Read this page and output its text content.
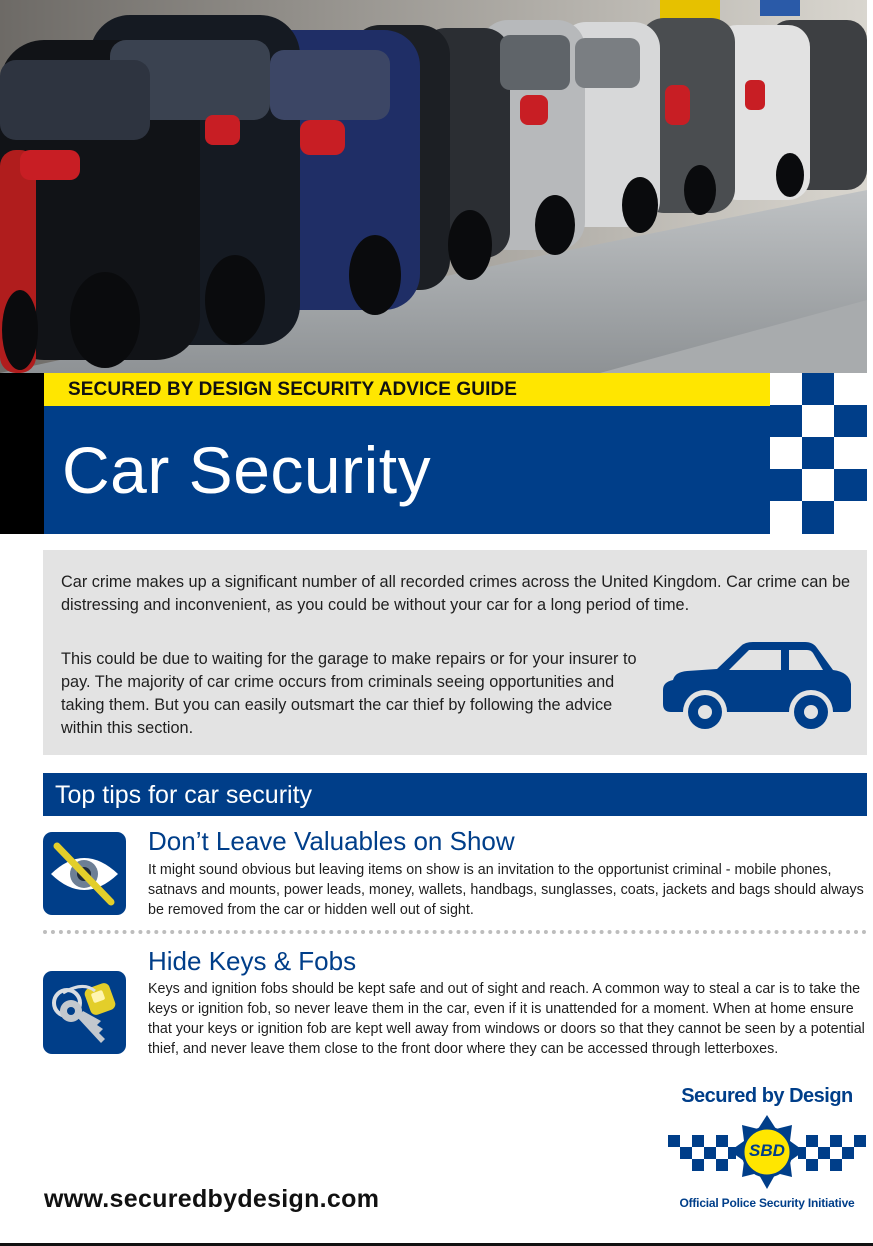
SECURED BY DESIGN SECURITY ADVICE GUIDE
Car Security

Car crime makes up a significant number of all recorded crimes across the United Kingdom. Car crime can be distressing and inconvenient, as you could be without your car for a long period of time.

This could be due to waiting for the garage to make repairs or for your insurer to pay. The majority of car crime occurs from criminals seeing opportunities and taking them. But you can easily outsmart the car thief by following the advice within this section.

Top tips for car security
Don’t Leave Valuables on Show

It might sound obvious but leaving items on show is an invitation to the opportunist criminal - mobile phones, satnavs and mounts, power leads, money, wallets, handbags, sunglasses, coats, jackets and bags should always be removed from the car or hidden well out of sight.

Hide Keys & Fobs

Keys and ignition fobs should be kept safe and out of sight and reach. A common way to steal a car is to take the keys or ignition fob, so never leave them in the car, even if it is unattended for a moment. When at home ensure that your keys or ignition fob are kept well away from windows or doors so that they cannot be seen by a potential thief, and never leave them close to the front door where they can be accessed through letterboxes.

www.securedbydesign.com
Secured by Design
SBD
Official Police Security Initiative
